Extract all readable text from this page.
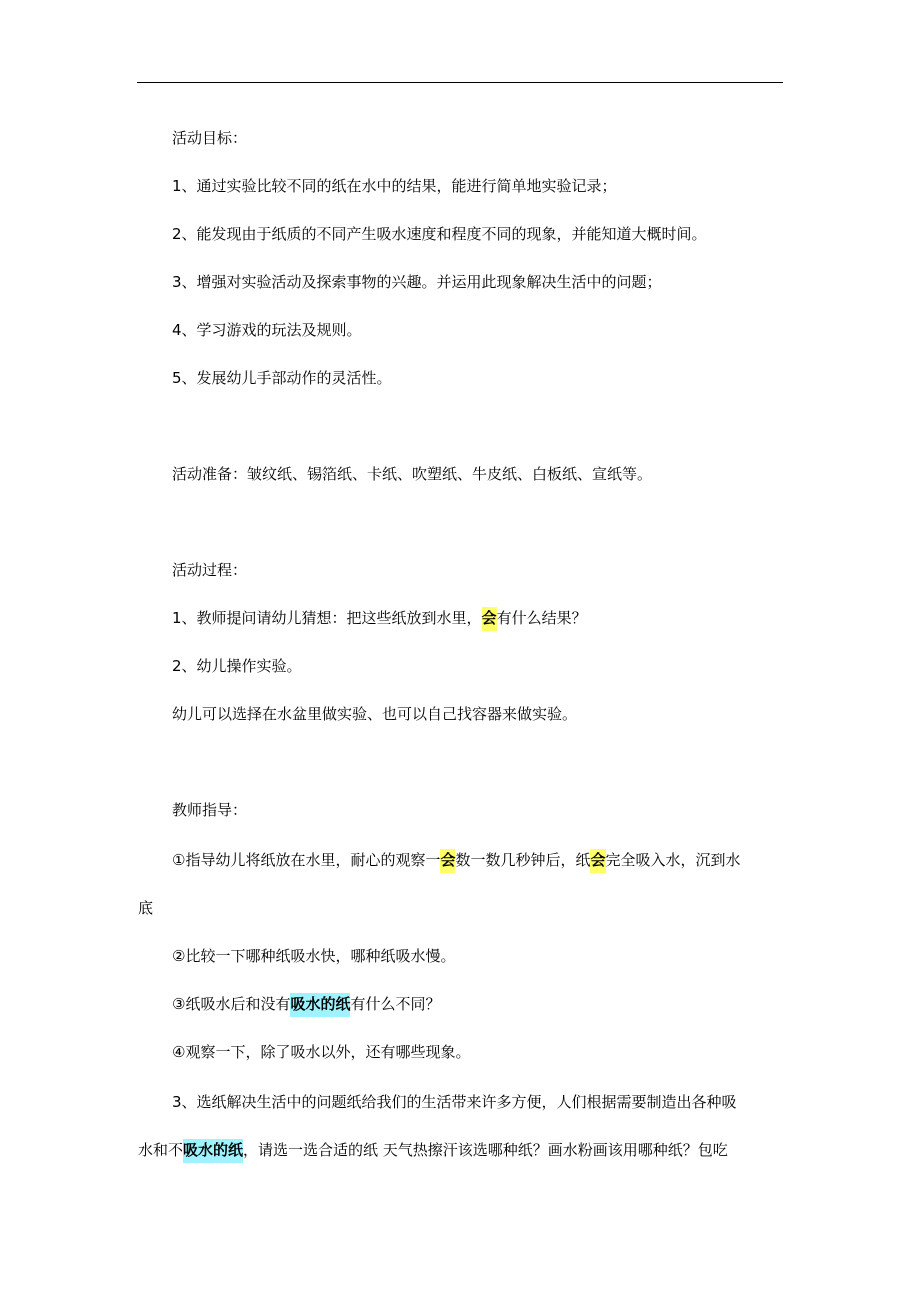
活动目标：
1、通过实验比较不同的纸在水中的结果，能进行简单地实验记录；
2、能发现由于纸质的不同产生吸水速度和程度不同的现象，并能知道大概时间。
3、增强对实验活动及探索事物的兴趣。并运用此现象解决生活中的问题；
4、学习游戏的玩法及规则。
5、发展幼儿手部动作的灵活性。
活动准备：皱纹纸、锡箔纸、卡纸、吹塑纸、牛皮纸、白板纸、宣纸等。
活动过程：
1、教师提问请幼儿猜想：把这些纸放到水里，会有什么结果？
2、幼儿操作实验。
幼儿可以选择在水盆里做实验、也可以自己找容器来做实验。
教师指导：
①指导幼儿将纸放在水里，耐心的观察一会数一数几秒钟后，纸会完全吸入水，沉到水
底
②比较一下哪种纸吸水快，哪种纸吸水慢。
③纸吸水后和没有吸水的纸有什么不同？
④观察一下，除了吸水以外，还有哪些现象。
3、选纸解决生活中的问题纸给我们的生活带来许多方便，人们根据需要制造出各种吸
水和不吸水的纸，请选一选合适的纸 天气热擦汗该选哪种纸？画水粉画该用哪种纸？包吃
